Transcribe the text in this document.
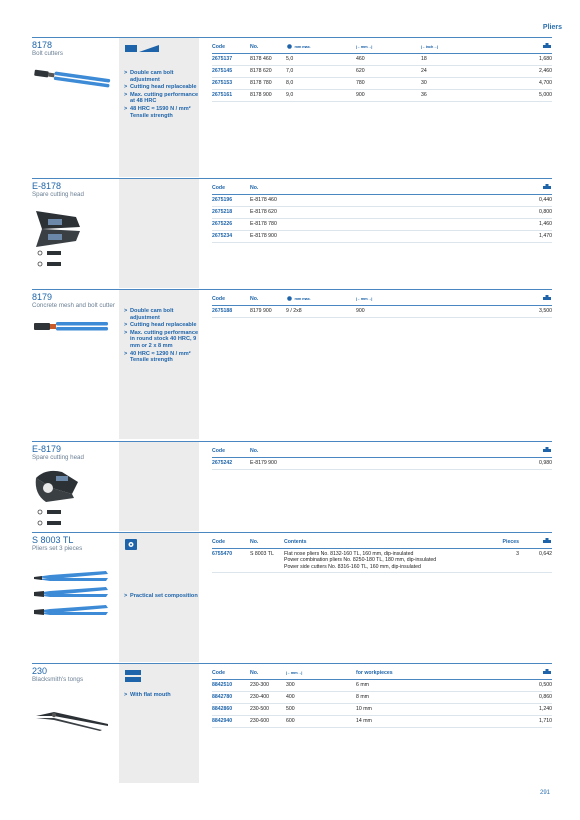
Pliers
8178
Bolt cutters
> Double cam bolt adjustment
> Cutting head replaceable
> Max. cutting performance at 48 HRC
> 48 HRC ≈ 1590 N / mm² Tensile strength
Code	No.	mm max.	|←mm→|	|←inch→|	
2675137	8178 460	5,0	460	18	1,680
2675145	8178 620	7,0	620	24	2,460
2675153	8178 780	8,0	780	30	4,700
2675161	8178 900	9,0	900	36	5,000
E-8178
Spare cutting head
Code	No.	
2675196	E-8178 460	0,440
2675218	E-8178 620	0,800
2675226	E-8178 780	1,460
2675234	E-8178 900	1,470
8179
Concrete mesh and bolt cutter
> Double cam bolt adjustment
> Cutting head replaceable
> Max. cutting performance in round stock 40 HRC, 9 mm or 2 x 8 mm
> 40 HRC ≈ 1290 N / mm² Tensile strength
Code	No.	mm max.	|←mm→|	
2675188	8179 900	9 / 2x8	900	3,500
E-8179
Spare cutting head
Code	No.	
2675242	E-8179 900	0,980
S 8003 TL
Pliers set 3 pieces
> Practical set composition
Code	No.	Contents	Pieces	
6755470	S 8003 TL	Flat nose pliers No. 8132-160 TL, 160 mm, dip-insulated
Power combination pliers No. 8250-180 TL, 180 mm, dip-insulated
Power side cutters No. 8316-160 TL, 160 mm, dip-insulated	3	0,642
230
Blacksmith's tongs
> With flat mouth
Code	No.	|←mm→|	for workpieces	
8842510	230-300	300	6 mm	0,500
8842780	230-400	400	8 mm	0,860
8842860	230-500	500	10 mm	1,240
8842940	230-600	600	14 mm	1,710
291
